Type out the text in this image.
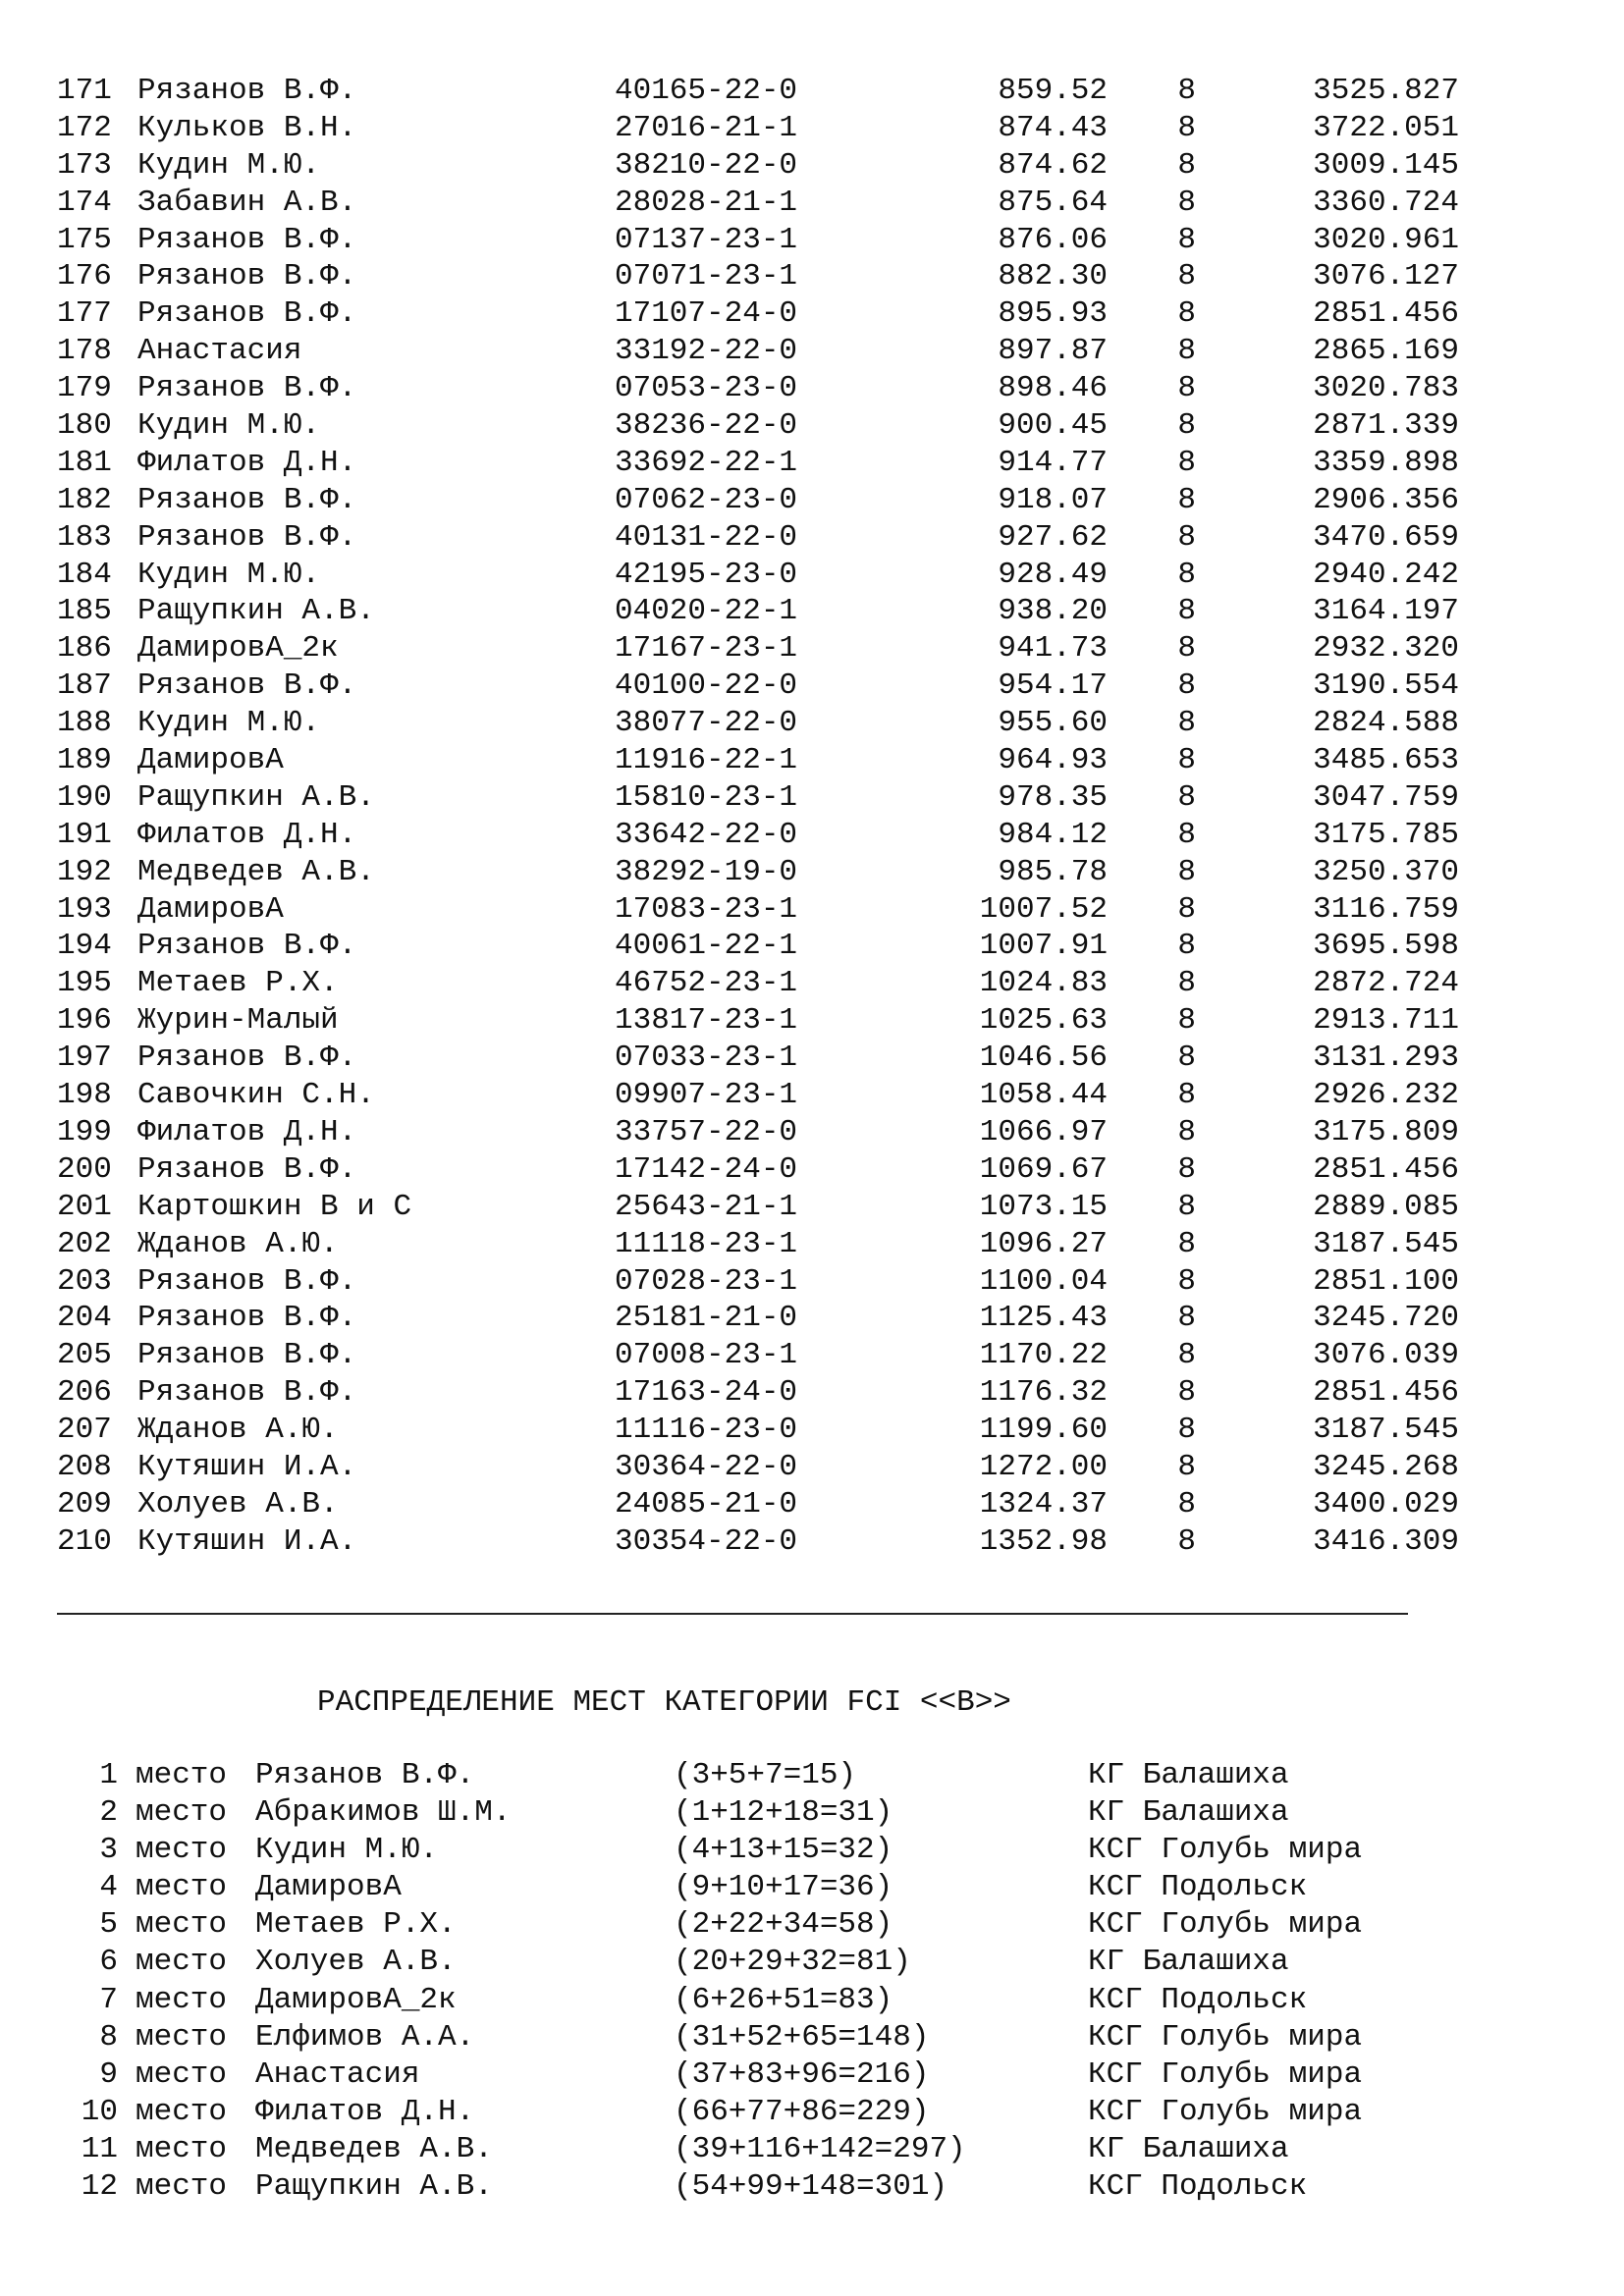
171 Рязанов В.Ф.	40165-22-0	859.52	8	3525.827
172 Кульков В.Н.	27016-21-1	874.43	8	3722.051
173 Кудин М.Ю.	38210-22-0	874.62	8	3009.145
174 Забавин А.В.	28028-21-1	875.64	8	3360.724
175 Рязанов В.Ф.	07137-23-1	876.06	8	3020.961
176 Рязанов В.Ф.	07071-23-1	882.30	8	3076.127
177 Рязанов В.Ф.	17107-24-0	895.93	8	2851.456
178 Анастасия	33192-22-0	897.87	8	2865.169
179 Рязанов В.Ф.	07053-23-0	898.46	8	3020.783
180 Кудин М.Ю.	38236-22-0	900.45	8	2871.339
181 Филатов Д.Н.	33692-22-1	914.77	8	3359.898
182 Рязанов В.Ф.	07062-23-0	918.07	8	2906.356
183 Рязанов В.Ф.	40131-22-0	927.62	8	3470.659
184 Кудин М.Ю.	42195-23-0	928.49	8	2940.242
185 Ращупкин А.В.	04020-22-1	938.20	8	3164.197
186 ДамировА_2к	17167-23-1	941.73	8	2932.320
187 Рязанов В.Ф.	40100-22-0	954.17	8	3190.554
188 Кудин М.Ю.	38077-22-0	955.60	8	2824.588
189 ДамировА	11916-22-1	964.93	8	3485.653
190 Ращупкин А.В.	15810-23-1	978.35	8	3047.759
191 Филатов Д.Н.	33642-22-0	984.12	8	3175.785
192 Медведев А.В.	38292-19-0	985.78	8	3250.370
193 ДамировА	17083-23-1	1007.52	8	3116.759
194 Рязанов В.Ф.	40061-22-1	1007.91	8	3695.598
195 Метаев Р.Х.	46752-23-1	1024.83	8	2872.724
196 Журин-Малый	13817-23-1	1025.63	8	2913.711
197 Рязанов В.Ф.	07033-23-1	1046.56	8	3131.293
198 Савочкин С.Н.	09907-23-1	1058.44	8	2926.232
199 Филатов Д.Н.	33757-22-0	1066.97	8	3175.809
200 Рязанов В.Ф.	17142-24-0	1069.67	8	2851.456
201 Картошкин В и С	25643-21-1	1073.15	8	2889.085
202 Жданов А.Ю.	11118-23-1	1096.27	8	3187.545
203 Рязанов В.Ф.	07028-23-1	1100.04	8	2851.100
204 Рязанов В.Ф.	25181-21-0	1125.43	8	3245.720
205 Рязанов В.Ф.	07008-23-1	1170.22	8	3076.039
206 Рязанов В.Ф.	17163-24-0	1176.32	8	2851.456
207 Жданов А.Ю.	11116-23-0	1199.60	8	3187.545
208 Кутяшин И.А.	30364-22-0	1272.00	8	3245.268
209 Холуев А.В.	24085-21-0	1324.37	8	3400.029
210 Кутяшин И.А.	30354-22-0	1352.98	8	3416.309
РАСПРЕДЕЛЕНИЕ МЕСТ КАТЕГОРИИ FCI <<B>>
1 место Рязанов В.Ф.	(3+5+7=15)	КГ Балашиха
2 место Абракимов Ш.М.	(1+12+18=31)	КГ Балашиха
3 место Кудин М.Ю.	(4+13+15=32)	КСГ Голубь мира
4 место ДамировА	(9+10+17=36)	КСГ Подольск
5 место Метаев Р.Х.	(2+22+34=58)	КСГ Голубь мира
6 место Холуев А.В.	(20+29+32=81)	КГ Балашиха
7 место ДамировА_2к	(6+26+51=83)	КСГ Подольск
8 место Елфимов А.А.	(31+52+65=148)	КСГ Голубь мира
9 место Анастасия	(37+83+96=216)	КСГ Голубь мира
10 место Филатов Д.Н.	(66+77+86=229)	КСГ Голубь мира
11 место Медведев А.В.	(39+116+142=297)	КГ Балашиха
12 место Ращупкин А.В.	(54+99+148=301)	КСГ Подольск
